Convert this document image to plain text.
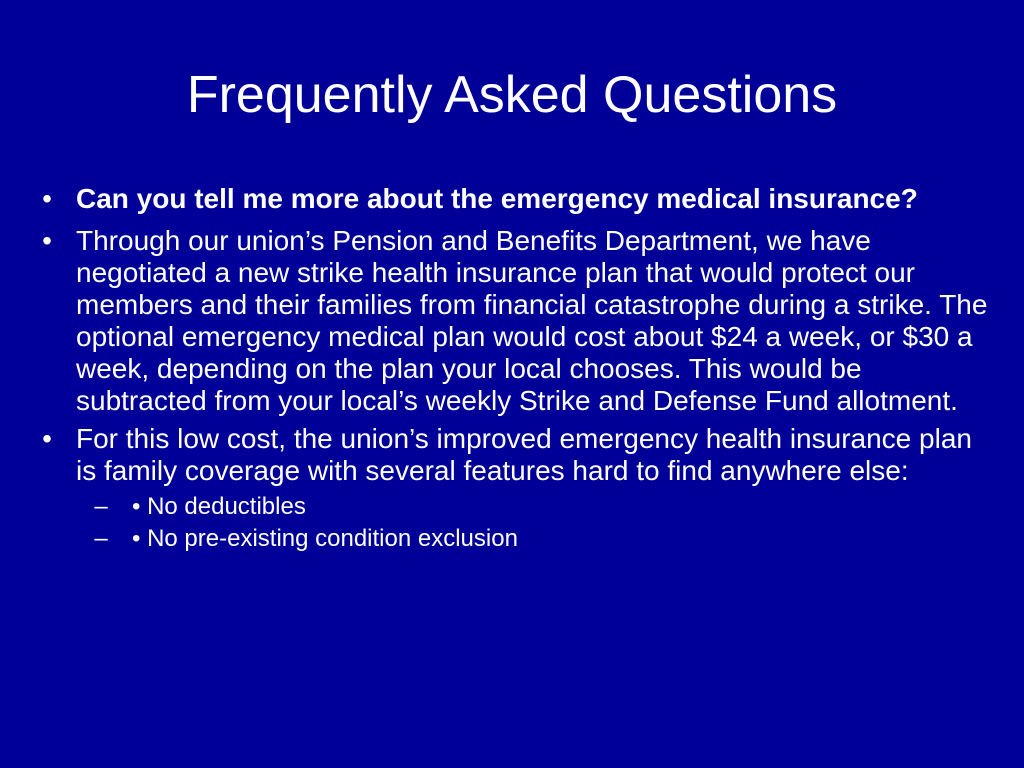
Frequently Asked Questions
• Can you tell me more about the emergency medical insurance?
• Through our union’s Pension and Benefits Department, we have negotiated a new strike health insurance plan that would protect our members and their families from financial catastrophe during a strike. The optional emergency medical plan would cost about $24 a week, or $30 a week, depending on the plan your local chooses. This would be subtracted from your local’s weekly Strike and Defense Fund allotment.
• For this low cost, the union’s improved emergency health insurance plan is family coverage with several features hard to find anywhere else:
–	• No deductibles
–	• No pre-existing condition exclusion
